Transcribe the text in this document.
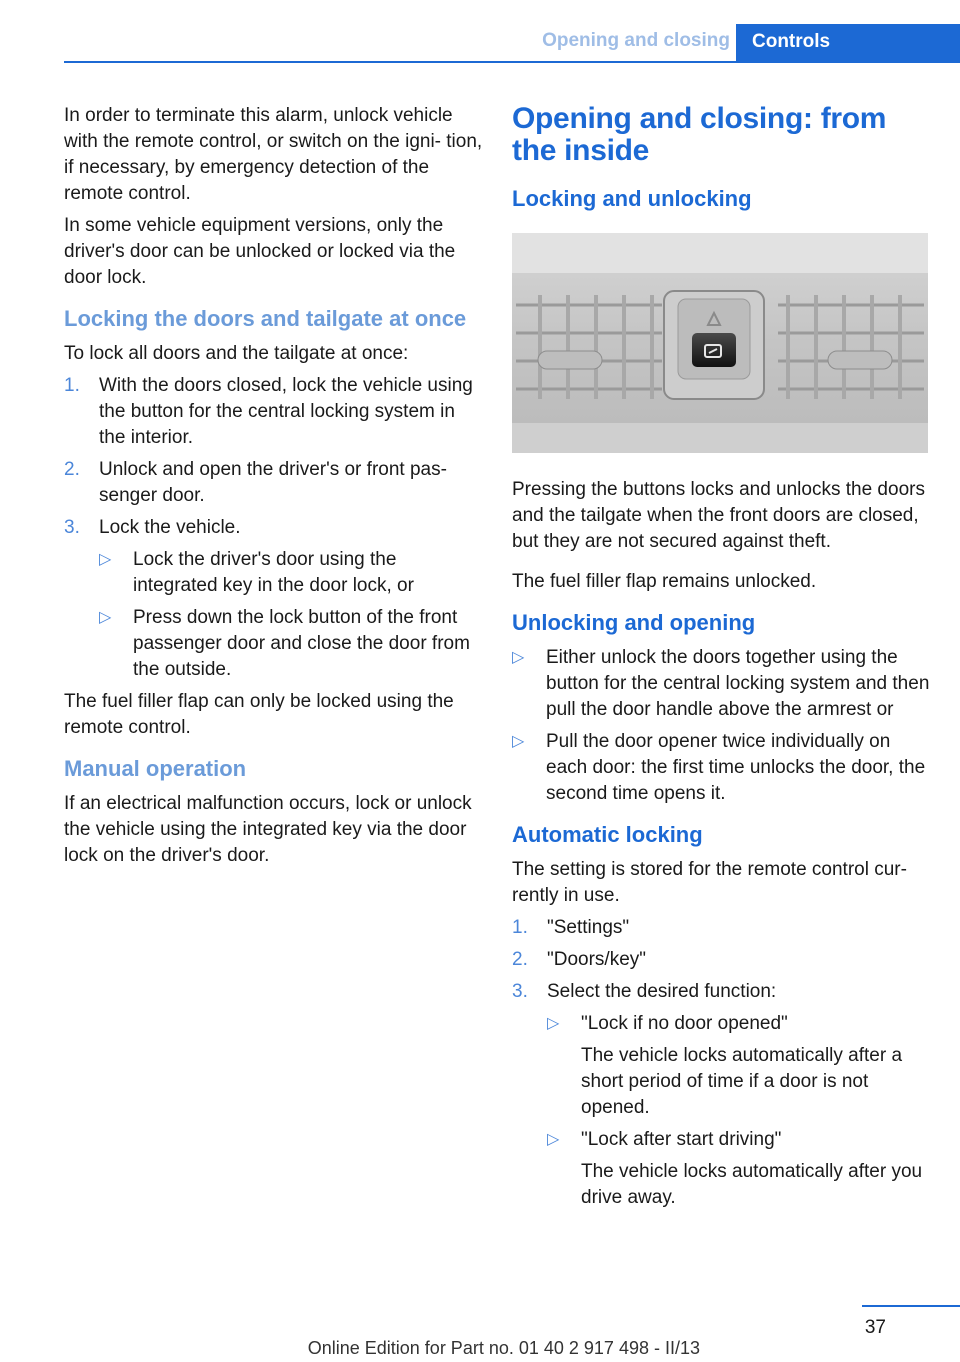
Opening and closing	Controls

In order to terminate this alarm, unlock vehicle with the remote control, or switch on the igni- tion, if necessary, by emergency detection of the remote control.

In some vehicle equipment versions, only the driver's door can be unlocked or locked via the door lock.

Locking the doors and tailgate at once

To lock all doors and the tailgate at once:

1. With the doors closed, lock the vehicle using the button for the central locking system in the interior.
2. Unlock and open the driver's or front pas- senger door.
3. Lock the vehicle.
▷ Lock the driver's door using the integrated key in the door lock, or
▷ Press down the lock button of the front passenger door and close the door from the outside.

The fuel filler flap can only be locked using the remote control.

Manual operation

If an electrical malfunction occurs, lock or unlock the vehicle using the integrated key via the door lock on the driver's door.

Opening and closing: from the inside
Locking and unlocking

Pressing the buttons locks and unlocks the doors and the tailgate when the front doors are closed, but they are not secured against theft.

The fuel filler flap remains unlocked.

Unlocking and opening
▷ Either unlock the doors together using the button for the central locking system and then pull the door handle above the armrest or
▷ Pull the door opener twice individually on each door: the first time unlocks the door, the second time opens it.
Automatic locking

The setting is stored for the remote control cur- rently in use.

1. "Settings"
2. "Doors/key"
3. Select the desired function:
▷ "Lock if no door opened"
The vehicle locks automatically after a short period of time if a door is not opened.
▷ "Lock after start driving"
The vehicle locks automatically after you drive away.
37
Online Edition for Part no. 01 40 2 917 498 - II/13
